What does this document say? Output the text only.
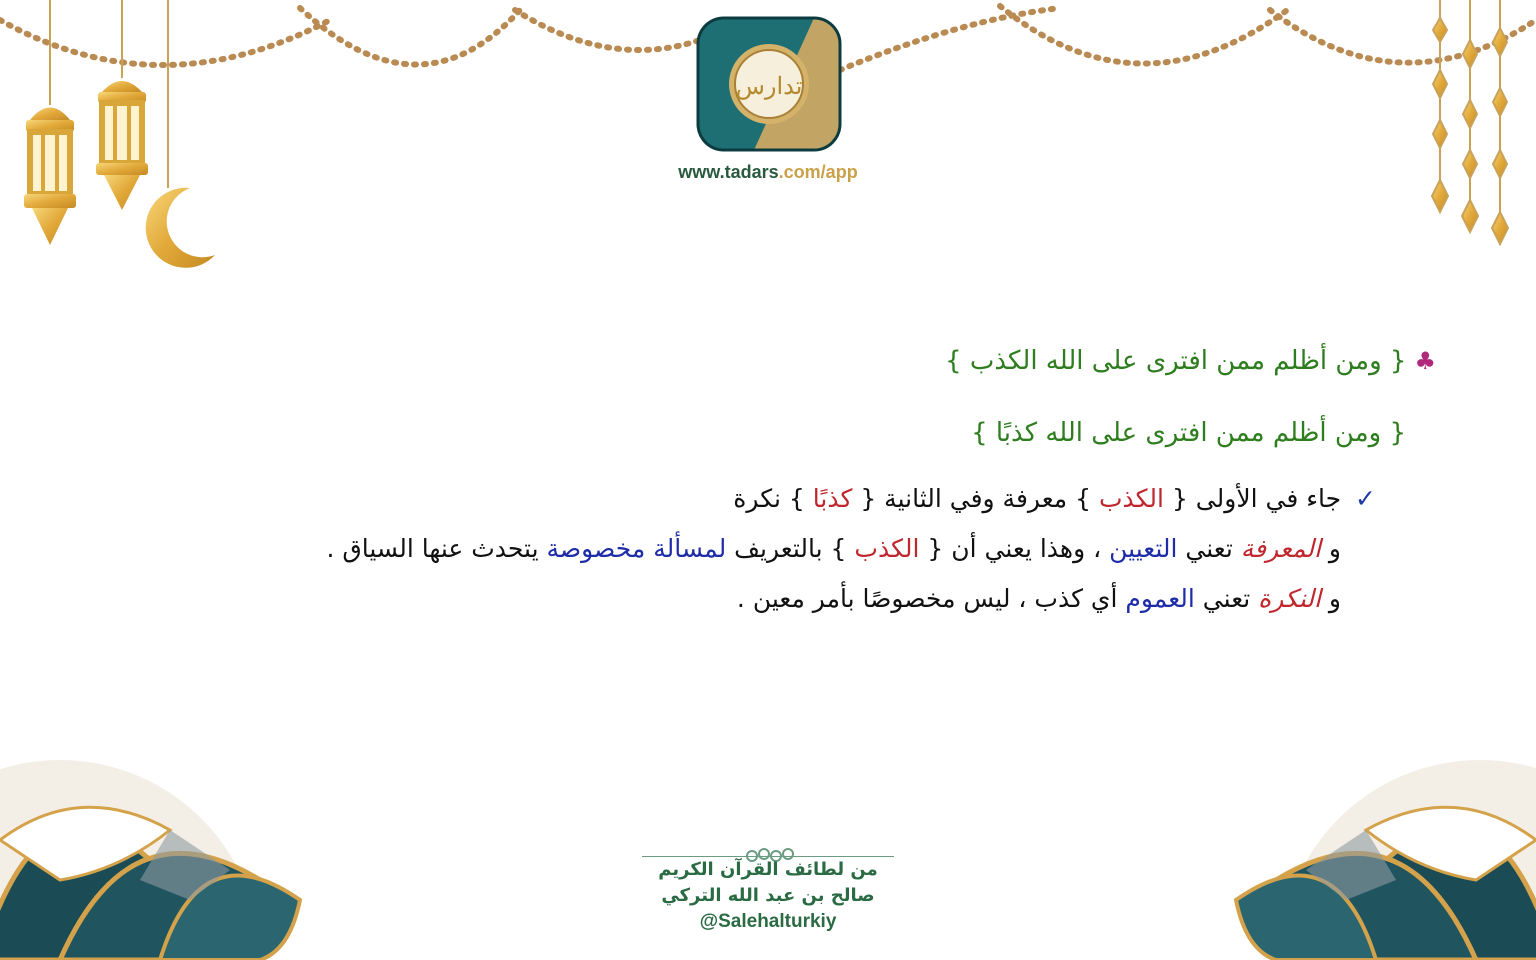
تدارس
www.tadars.com/app
♣{ ومن أظلم ممن افترى على الله الكذب }
{ ومن أظلم ممن افترى على الله كذبًا }
✓جاء في الأولى { الكذب } معرفة وفي الثانية { كذبًا } نكرة
و المعرفة تعني التعيين ، وهذا يعني أن { الكذب } بالتعريف لمسألة مخصوصة يتحدث عنها السياق .
و النكرة تعني العموم أي كذب ، ليس مخصوصًا بأمر معين .
من لطائف القرآن الكريم
صالح بن عبد الله التركي
@Salehalturkiy
